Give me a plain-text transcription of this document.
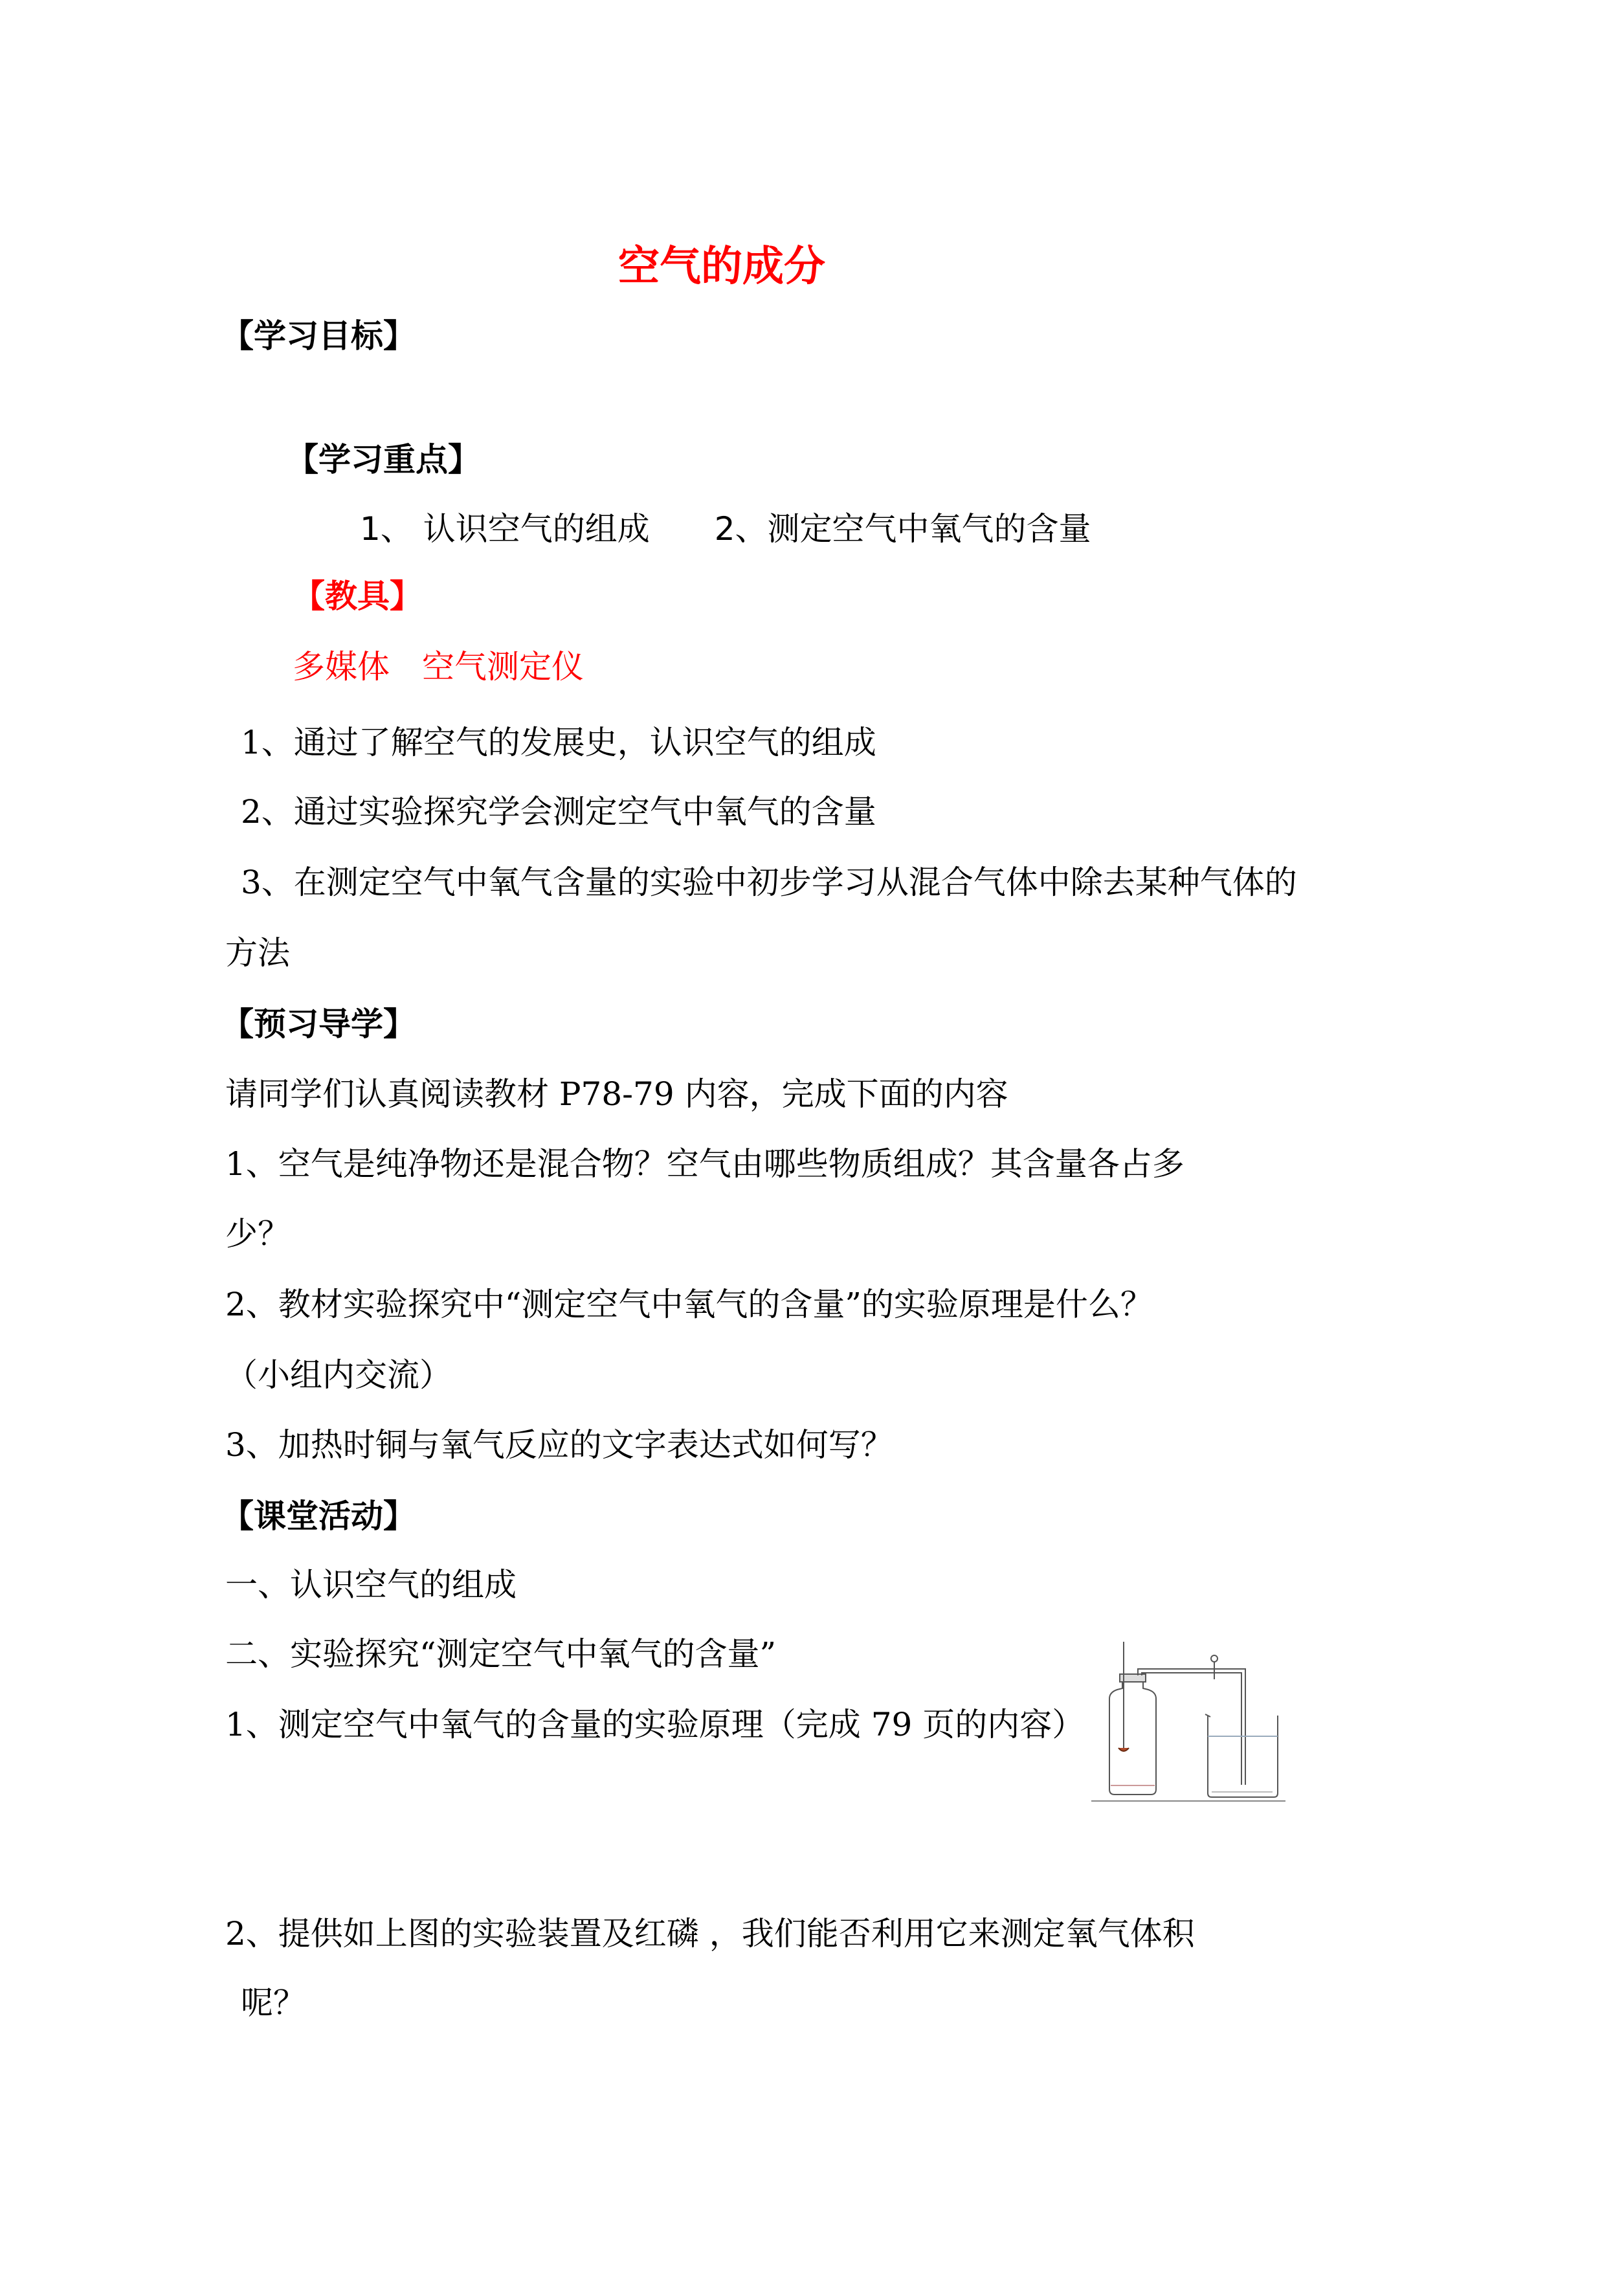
空气的成分
【学习目标】
【学习重点】
1、 认识空气的组成 2、测定空气中氧气的含量
【教具】
多媒体 空气测定仪
1、通过了解空气的发展史，认识空气的组成
2、通过实验探究学会测定空气中氧气的含量
3、在测定空气中氧气含量的实验中初步学习从混合气体中除去某种气体的
方法
【预习导学】
请同学们认真阅读教材 P78-79 内容，完成下面的内容
1、空气是纯净物还是混合物？空气由哪些物质组成？其含量各占多
少？
2、教材实验探究中“测定空气中氧气的含量”的实验原理是什么？
（小组内交流）
3、加热时铜与氧气反应的文字表达式如何写？
【课堂活动】
一、认识空气的组成
二、实验探究“测定空气中氧气的含量”
1、测定空气中氧气的含量的实验原理（完成 79 页的内容）
2、提供如上图的实验装置及红磷 ，我们能否利用它来测定氧气体积
呢？
